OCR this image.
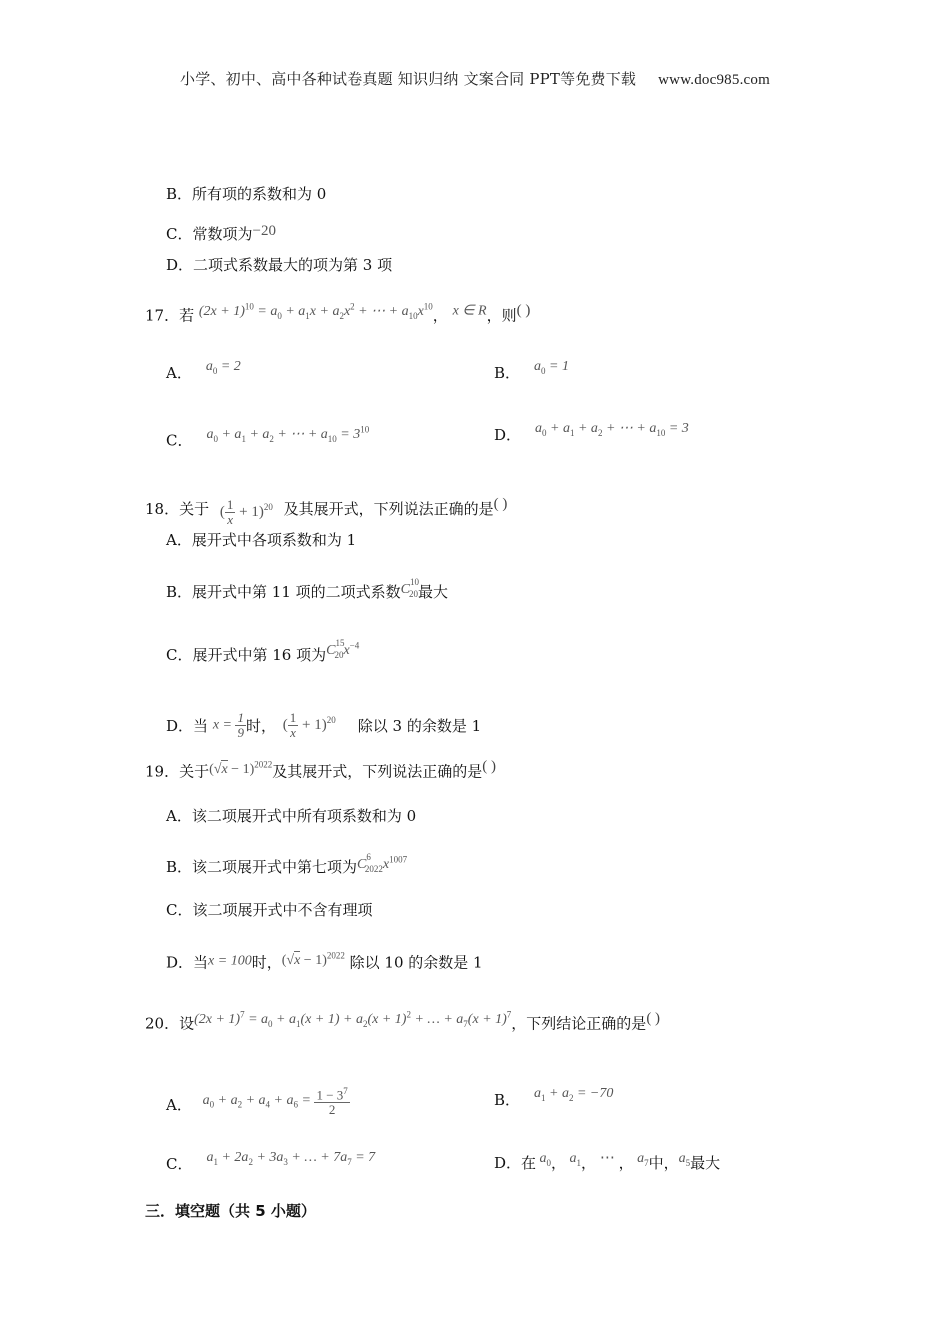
小学、初中、高中各种试卷真题 知识归纳 文案合同 PPT等免费下载 www.doc985.com
B．所有项的系数和为 0
C．常数项为−20
D．二项式系数最大的项为第 3 项
17．若 $(2x + 1)^{10} = a_0 + a_1x + a_2x^2$ + ⋯ + $a_{10}x^{10}$， x ∈ R，则( )
A． $a_0 = 2$	B． $a_0 = 1$
C． $a_0 + a_1 + a_2$ + ⋯ + $a_{10} = 3^{10}$	D． $a_0 + a_1 + a_2$ + ⋯ + $a_{10} = 3$
18．关于 ( $\frac{1}{x} + 1)^{20}$ 及其展开式，下列说法正确的是( )
A．展开式中各项系数和为 1
B．展开式中第 11 项的二项式系数$C^{10}_{20}$最大
C．展开式中第 16 项为$C^{15}_{20}x^{-4}$
D．当 $x = \frac{1}{9}$ 时， ( $\frac{1}{x} + 1)^{20}$ 除以 3 的余数是 1
19．关于$(√x - 1)^{2022}$及其展开式，下列说法正确的是( )
A．该二项展开式中所有项系数和为 0
B．该二项展开式中第七项为$C^6_{2022}x^{1007}$
C．该二项展开式中不含有理项
D．当x = 100时，$(√x - 1)^{2022}$ 除以 10 的余数是 1
20．设$(2x + 1)^7 = a_0 + a_1(x + 1) + a_2(x + 1)^2$ + … + $a_7(x + 1)^7$，下列结论正确的是( )
A． $a_0 + a_2 + a_4 + a_6 = \frac{1 - 3^7}{2}$	B． $a_1 + a_2 = -70$
C． $a_1 + 2a_2 + 3a_3$ + … + $7a_7 = 7$	D．在 $a_0$， $a_1$， ⋯ ， $a_7$中，$a_5$最大
三．填空题（共 5 小题）
